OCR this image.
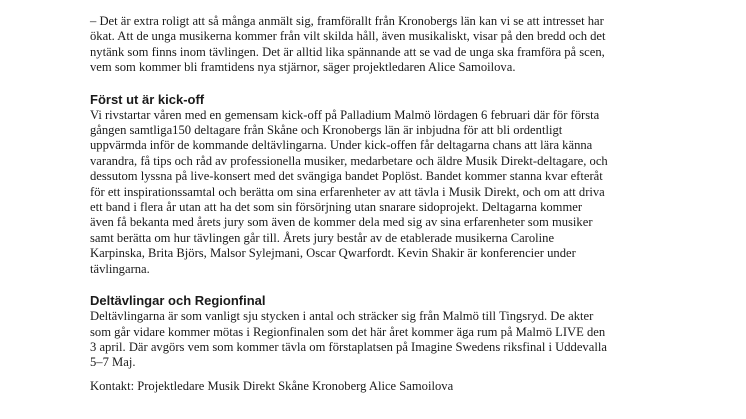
– Det är extra roligt att så många anmält sig, framförallt från Kronobergs län kan vi se att intresset har
ökat. Att de unga musikerna kommer från vilt skilda håll, även musikaliskt, visar på den bredd och det
nytänk som finns inom tävlingen. Det är alltid lika spännande att se vad de unga ska framföra på scen,
vem som kommer bli framtidens nya stjärnor, säger projektledaren Alice Samoilova.

Först ut är kick-off

Vi rivstartar våren med en gemensam kick-off på Palladium Malmö lördagen 6 februari där för första
gången samtliga150 deltagare från Skåne och Kronobergs län är inbjudna för att bli ordentligt
uppvärmda inför de kommande deltävlingarna. Under kick-offen får deltagarna chans att lära känna
varandra, få tips och råd av professionella musiker, medarbetare och äldre Musik Direkt-deltagare, och
dessutom lyssna på live-konsert med det svängiga bandet Poplöst. Bandet kommer stanna kvar efteråt
för ett inspirationssamtal och berätta om sina erfarenheter av att tävla i Musik Direkt, och om att driva
ett band i flera år utan att ha det som sin försörjning utan snarare sidoprojekt. Deltagarna kommer
även få bekanta med årets jury som även de kommer dela med sig av sina erfarenheter som musiker
samt berätta om hur tävlingen går till. Årets jury består av de etablerade musikerna Caroline
Karpinska, Brita Björs, Malsor Sylejmani, Oscar Qwarfordt. Kevin Shakir är konferencier under
tävlingarna.

Deltävlingar och Regionfinal

Deltävlingarna är som vanligt sju stycken i antal och sträcker sig från Malmö till Tingsryd. De akter
som går vidare kommer mötas i Regionfinalen som det här året kommer äga rum på Malmö LIVE den
3 april. Där avgörs vem som kommer tävla om förstaplatsen på Imagine Swedens riksfinal i Uddevalla
5–7 Maj.

Kontakt: Projektledare Musik Direkt Skåne Kronoberg Alice Samoilova
